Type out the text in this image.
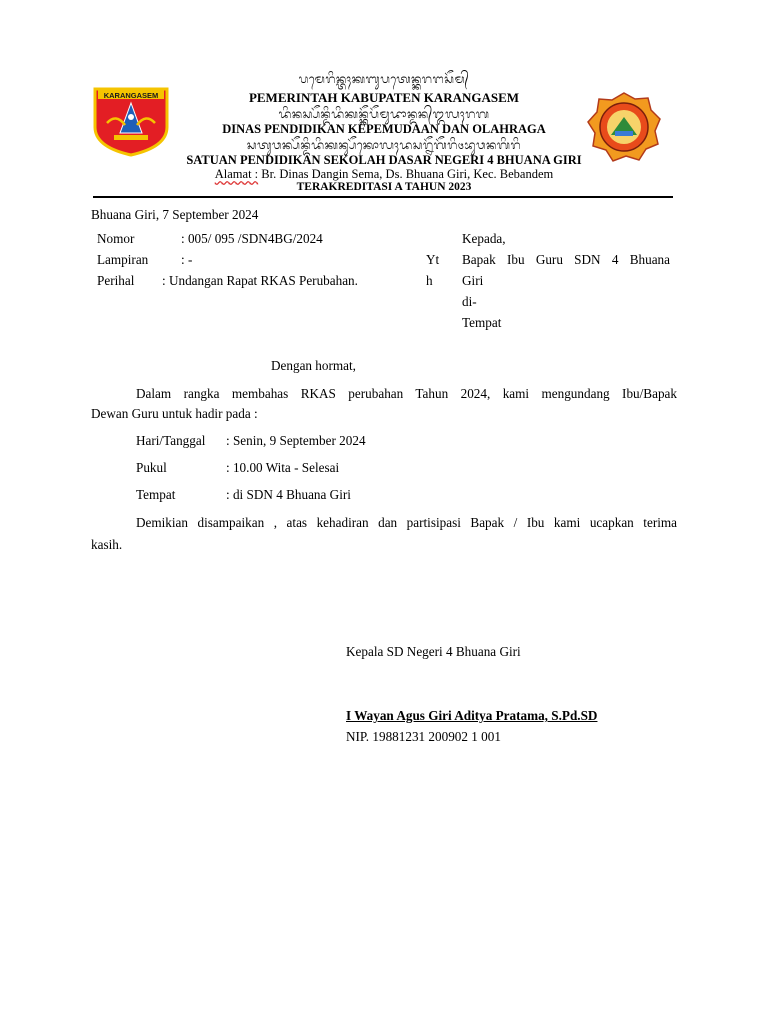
ᬧᬫᬾᬭᬶᬦ᭄ᬢᬄᬓᬩᬸᬧᬢᬾᬦ᭄ᬓᬭᬗᬲᭂᬫ᭄
PEMERINTAH KABUPATEN KARANGASEM
ᬤᬶᬦᬲ᭄ᬧᭂᬦ᭄ᬤᬶᬤᬶᬓᬦ᭄ᬓᭂᬧᭂᬫᬸᬤᬵᬦ᭄ᬤᬦ᭄ᬑᬮᬄᬭᬕ
DINAS PENDIDIKAN KEPEMUDAAN DAN OLAHRAGA
ᬲᬢᬸᬯᬦ᭄ᬧᭂᬦ᭄ᬤᬶᬤᬶᬓᬦ᭄ᬲᭂᬓᭀᬮᬄᬤᬲᬭ᭄ᬦᭂᬕᭂᬭᬶ᭔ᬪᬸᬯᬦᬕᬶᬭᬶ
SATUAN PENDIDIKAN SEKOLAH DASAR NEGERI 4 BHUANA GIRI
Alamat : Br. Dinas Dangin Sema, Ds. Bhuana Giri, Kec. Bebandem
TERAKREDITASI A TAHUN 2023
KARANGASEM
Bhuana Giri, 7 September 2024
Nomor	: 005/ 095 /SDN4BG/2024
Lampiran : -
Perihal : Undangan Rapat RKAS Perubahan.
Yt
h
Kepada,
Bapak Ibu Guru SDN 4 Bhuana
Giri
di-
Tempat
Dengan hormat,
Dalam rangka membahas RKAS perubahan Tahun 2024, kami mengundang Ibu/Bapak
Dewan Guru untuk hadir pada :
Hari/Tanggal : Senin, 9 September 2024
Pukul	: 10.00 Wita - Selesai
Tempat	: di SDN 4 Bhuana Giri
Demikian disampaikan , atas kehadiran dan partisipasi Bapak / Ibu kami ucapkan terima
kasih.
Kepala SD Negeri 4 Bhuana Giri
I Wayan Agus Giri Aditya Pratama, S.Pd.SD
NIP. 19881231 200902 1 001
